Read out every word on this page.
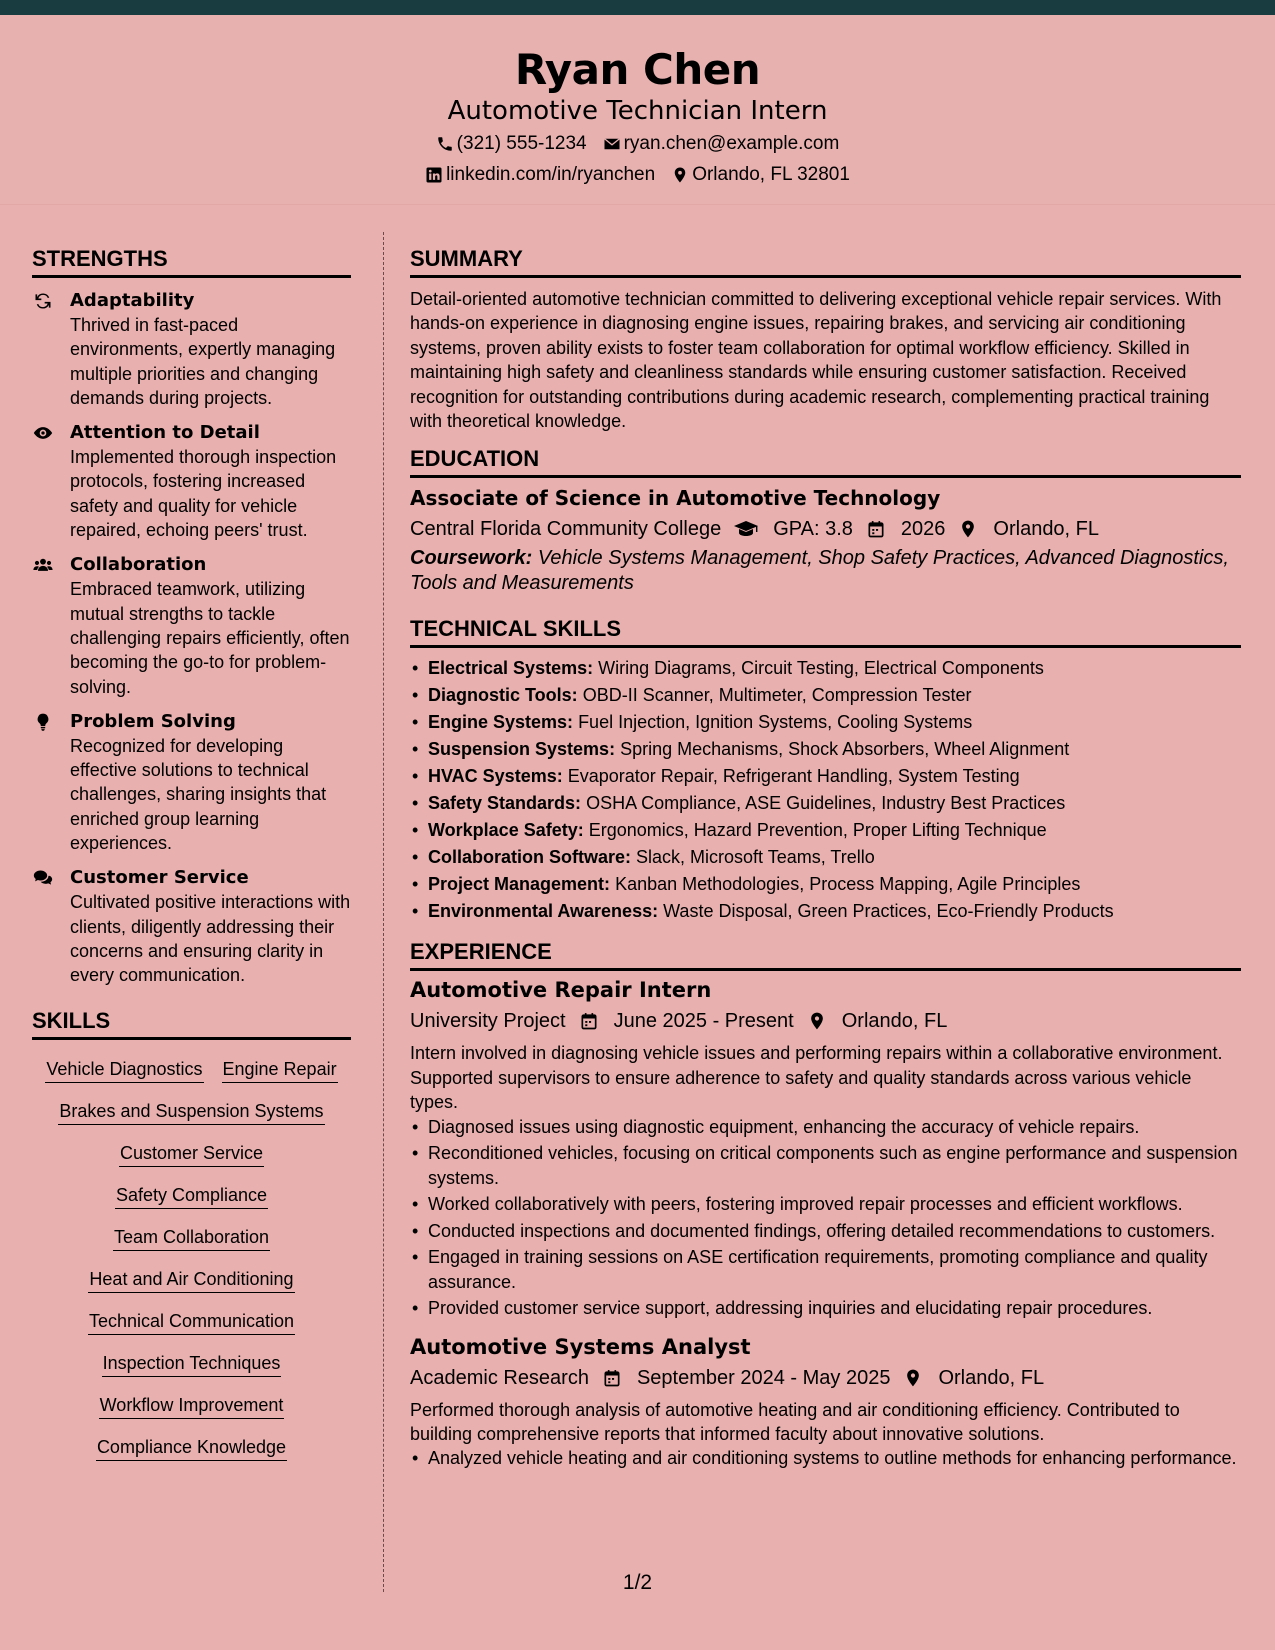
Ryan Chen
Automotive Technician Intern
(321) 555-1234 ryan.chen@example.com
linkedin.com/in/ryanchen Orlando, FL 32801
STRENGTHS
Adaptability
Thrived in fast-paced environments, expertly managing multiple priorities and changing demands during projects.
Attention to Detail
Implemented thorough inspection protocols, fostering increased safety and quality for vehicle repaired, echoing peers' trust.
Collaboration
Embraced teamwork, utilizing mutual strengths to tackle challenging repairs efficiently, often becoming the go-to for problem-solving.
Problem Solving
Recognized for developing effective solutions to technical challenges, sharing insights that enriched group learning experiences.
Customer Service
Cultivated positive interactions with clients, diligently addressing their concerns and ensuring clarity in every communication.
SKILLS
Vehicle Diagnostics Engine Repair
Brakes and Suspension Systems
Customer Service
Safety Compliance
Team Collaboration
Heat and Air Conditioning
Technical Communication
Inspection Techniques
Workflow Improvement
Compliance Knowledge
SUMMARY

Detail-oriented automotive technician committed to delivering exceptional vehicle repair services. With hands-on experience in diagnosing engine issues, repairing brakes, and servicing air conditioning systems, proven ability exists to foster team collaboration for optimal workflow efficiency. Skilled in maintaining high safety and cleanliness standards while ensuring customer satisfaction. Received recognition for outstanding contributions during academic research, complementing practical training with theoretical knowledge.

EDUCATION
Associate of Science in Automotive Technology
Central Florida Community College	GPA: 3.8 2026 Orlando, FL
Coursework: Vehicle Systems Management, Shop Safety Practices, Advanced Diagnostics, Tools and Measurements
TECHNICAL SKILLS
• Electrical Systems: Wiring Diagrams, Circuit Testing, Electrical Components
• Diagnostic Tools: OBD-II Scanner, Multimeter, Compression Tester
• Engine Systems: Fuel Injection, Ignition Systems, Cooling Systems
• Suspension Systems: Spring Mechanisms, Shock Absorbers, Wheel Alignment
• HVAC Systems: Evaporator Repair, Refrigerant Handling, System Testing
• Safety Standards: OSHA Compliance, ASE Guidelines, Industry Best Practices
• Workplace Safety: Ergonomics, Hazard Prevention, Proper Lifting Technique
• Collaboration Software: Slack, Microsoft Teams, Trello
• Project Management: Kanban Methodologies, Process Mapping, Agile Principles
• Environmental Awareness: Waste Disposal, Green Practices, Eco-Friendly Products
EXPERIENCE
Automotive Repair Intern
University Project June 2025 - Present Orlando, FL

Intern involved in diagnosing vehicle issues and performing repairs within a collaborative environment. Supported supervisors to ensure adherence to safety and quality standards across various vehicle types.

• Diagnosed issues using diagnostic equipment, enhancing the accuracy of vehicle repairs.
• Reconditioned vehicles, focusing on critical components such as engine performance and suspension systems.
• Worked collaboratively with peers, fostering improved repair processes and efficient workflows.
• Conducted inspections and documented findings, offering detailed recommendations to customers.
• Engaged in training sessions on ASE certification requirements, promoting compliance and quality assurance.
• Provided customer service support, addressing inquiries and elucidating repair procedures.
Automotive Systems Analyst
Academic Research September 2024 - May 2025 Orlando, FL

Performed thorough analysis of automotive heating and air conditioning efficiency. Contributed to building comprehensive reports that informed faculty about innovative solutions.

• Analyzed vehicle heating and air conditioning systems to outline methods for enhancing performance.
1/2
